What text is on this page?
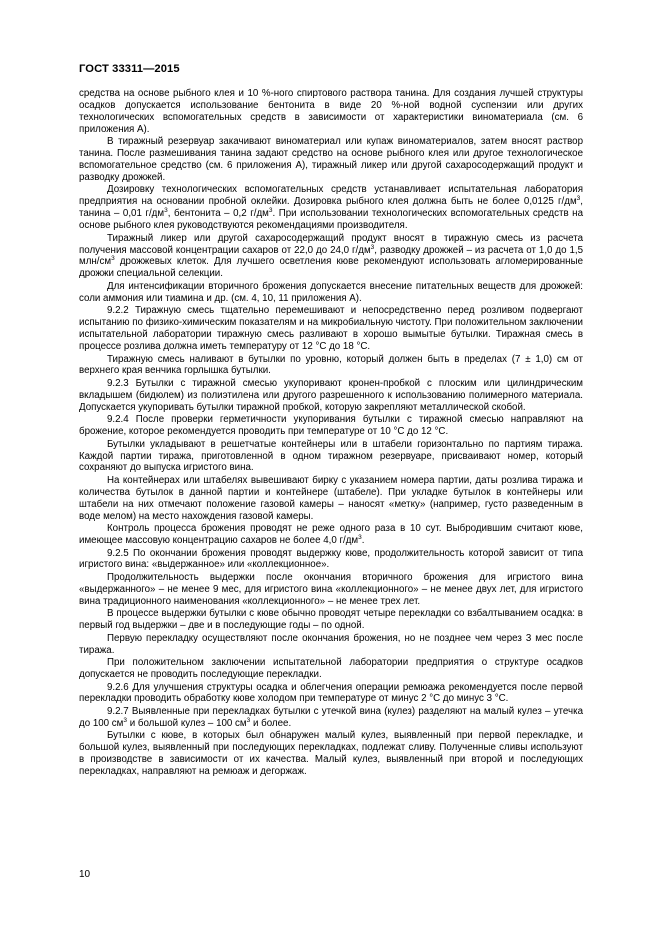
ГОСТ 33311—2015

средства на основе рыбного клея и 10 %-ного спиртового раствора танина. Для создания лучшей структуры осадков допускается использование бентонита в виде 20 %-ной водной суспензии или других технологических вспомогательных средств в зависимости от характеристики виноматериала (см. 6 приложения А).

В тиражный резервуар закачивают виноматериал или купаж виноматериалов, затем вносят раствор танина. После размешивания танина задают средство на основе рыбного клея или другое технологическое вспомогательное средство (см. 6 приложения А), тиражный ликер или другой сахаросодержащий продукт и разводку дрожжей.

Дозировку технологических вспомогательных средств устанавливает испытательная лаборатория предприятия на основании пробной оклейки. Дозировка рыбного клея должна быть не более 0,0125 $г/дм^3$, танина – 0,01 $г/дм^3$, бентонита – 0,2 $г/дм^3$. При использовании технологических вспомогательных средств на основе рыбного клея руководствуются рекомендациями производителя.

Тиражный ликер или другой сахаросодержащий продукт вносят в тиражную смесь из расчета получения массовой концентрации сахаров от 22,0 до 24,0 $г/дм^3$, разводку дрожжей – из расчета от 1,0 до 1,5 млн/$см^3$ дрожжевых клеток. Для лучшего осветления кюве рекомендуют использовать агломерированные дрожжи специальной селекции.

Для интенсификации вторичного брожения допускается внесение питательных веществ для дрожжей: соли аммония или тиамина и др. (см. 4, 10, 11 приложения А).

9.2.2 Тиражную смесь тщательно перемешивают и непосредственно перед розливом подвергают испытанию по физико-химическим показателям и на микробиальную чистоту. При положительном заключении испытательной лаборатории тиражную смесь разливают в хорошо вымытые бутылки. Тиражная смесь в процессе розлива должна иметь температуру от 12 °С до 18 °С.

Тиражную смесь наливают в бутылки по уровню, который должен быть в пределах (7 ± 1,0) см от верхнего края венчика горлышка бутылки.

9.2.3 Бутылки с тиражной смесью укупоривают кронен-пробкой с плоским или цилиндрическим вкладышем (бидюлем) из полиэтилена или другого разрешенного к использованию полимерного материала. Допускается укупоривать бутылки тиражной пробкой, которую закрепляют металлической скобой.

9.2.4 После проверки герметичности укупоривания бутылки с тиражной смесью направляют на брожение, которое рекомендуется проводить при температуре от 10 °С до 12 °С.

Бутылки укладывают в решетчатые контейнеры или в штабели горизонтально по партиям тиража. Каждой партии тиража, приготовленной в одном тиражном резервуаре, присваивают номер, который сохраняют до выпуска игристого вина.

На контейнерах или штабелях вывешивают бирку с указанием номера партии, даты розлива тиража и количества бутылок в данной партии и контейнере (штабеле). При укладке бутылок в контейнеры или штабели на них отмечают положение газовой камеры – наносят «метку» (например, густо разведенным в воде мелом) на место нахождения газовой камеры.

Контроль процесса брожения проводят не реже одного раза в 10 сут. Выбродившим считают кюве, имеющее массовую концентрацию сахаров не более 4,0 $г/дм^3$.

9.2.5 По окончании брожения проводят выдержку кюве, продолжительность которой зависит от типа игристого вина: «выдержанное» или «коллекционное».

Продолжительность выдержки после окончания вторичного брожения для игристого вина «выдержанного» – не менее 9 мес, для игристого вина «коллекционного» – не менее двух лет, для игристого вина традиционного наименования «коллекционного» – не менее трех лет.

В процессе выдержки бутылки с кюве обычно проводят четыре перекладки со взбалтыванием осадка: в первый год выдержки – две и в последующие годы – по одной.

Первую перекладку осуществляют после окончания брожения, но не позднее чем через 3 мес после тиража.

При положительном заключении испытательной лаборатории предприятия о структуре осадков допускается не проводить последующие перекладки.

9.2.6 Для улучшения структуры осадка и облегчения операции ремюажа рекомендуется после первой перекладки проводить обработку кюве холодом при температуре от минус 2 °С до минус 3 °С.

9.2.7 Выявленные при перекладках бутылки с утечкой вина (кулез) разделяют на малый кулез – утечка до 100 $см^3$ и большой кулез – 100 $см^3$ и более.

Бутылки с кюве, в которых был обнаружен малый кулез, выявленный при первой перекладке, и большой кулез, выявленный при последующих перекладках, подлежат сливу. Полученные сливы используют в производстве в зависимости от их качества. Малый кулез, выявленный при второй и последующих перекладках, направляют на ремюаж и дегоржаж.

10
